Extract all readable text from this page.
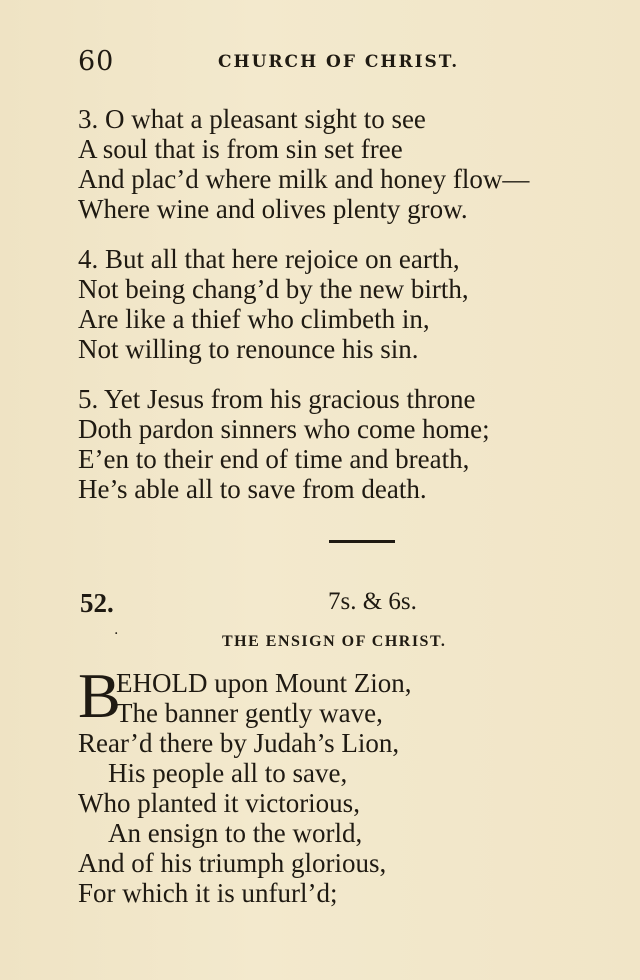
60	CHURCH OF CHRIST.
3. O what a pleasant sight to see
A soul that is from sin set free
And plac’d where milk and honey flow—
Where wine and olives plenty grow.
4. But all that here rejoice on earth,
Not being chang’d by the new birth,
Are like a thief who climbeth in,
Not willing to renounce his sin.
5. Yet Jesus from his gracious throne
Doth pardon sinners who come home;
E’en to their end of time and breath,
He’s able all to save from death.
52.	7s. & 6s.
·	THE ENSIGN OF CHRIST.
B
EHOLD upon Mount Zion,
The banner gently wave,
Rear’d there by Judah’s Lion,
His people all to save,
Who planted it victorious,
An ensign to the world,
And of his triumph glorious,
For which it is unfurl’d;
